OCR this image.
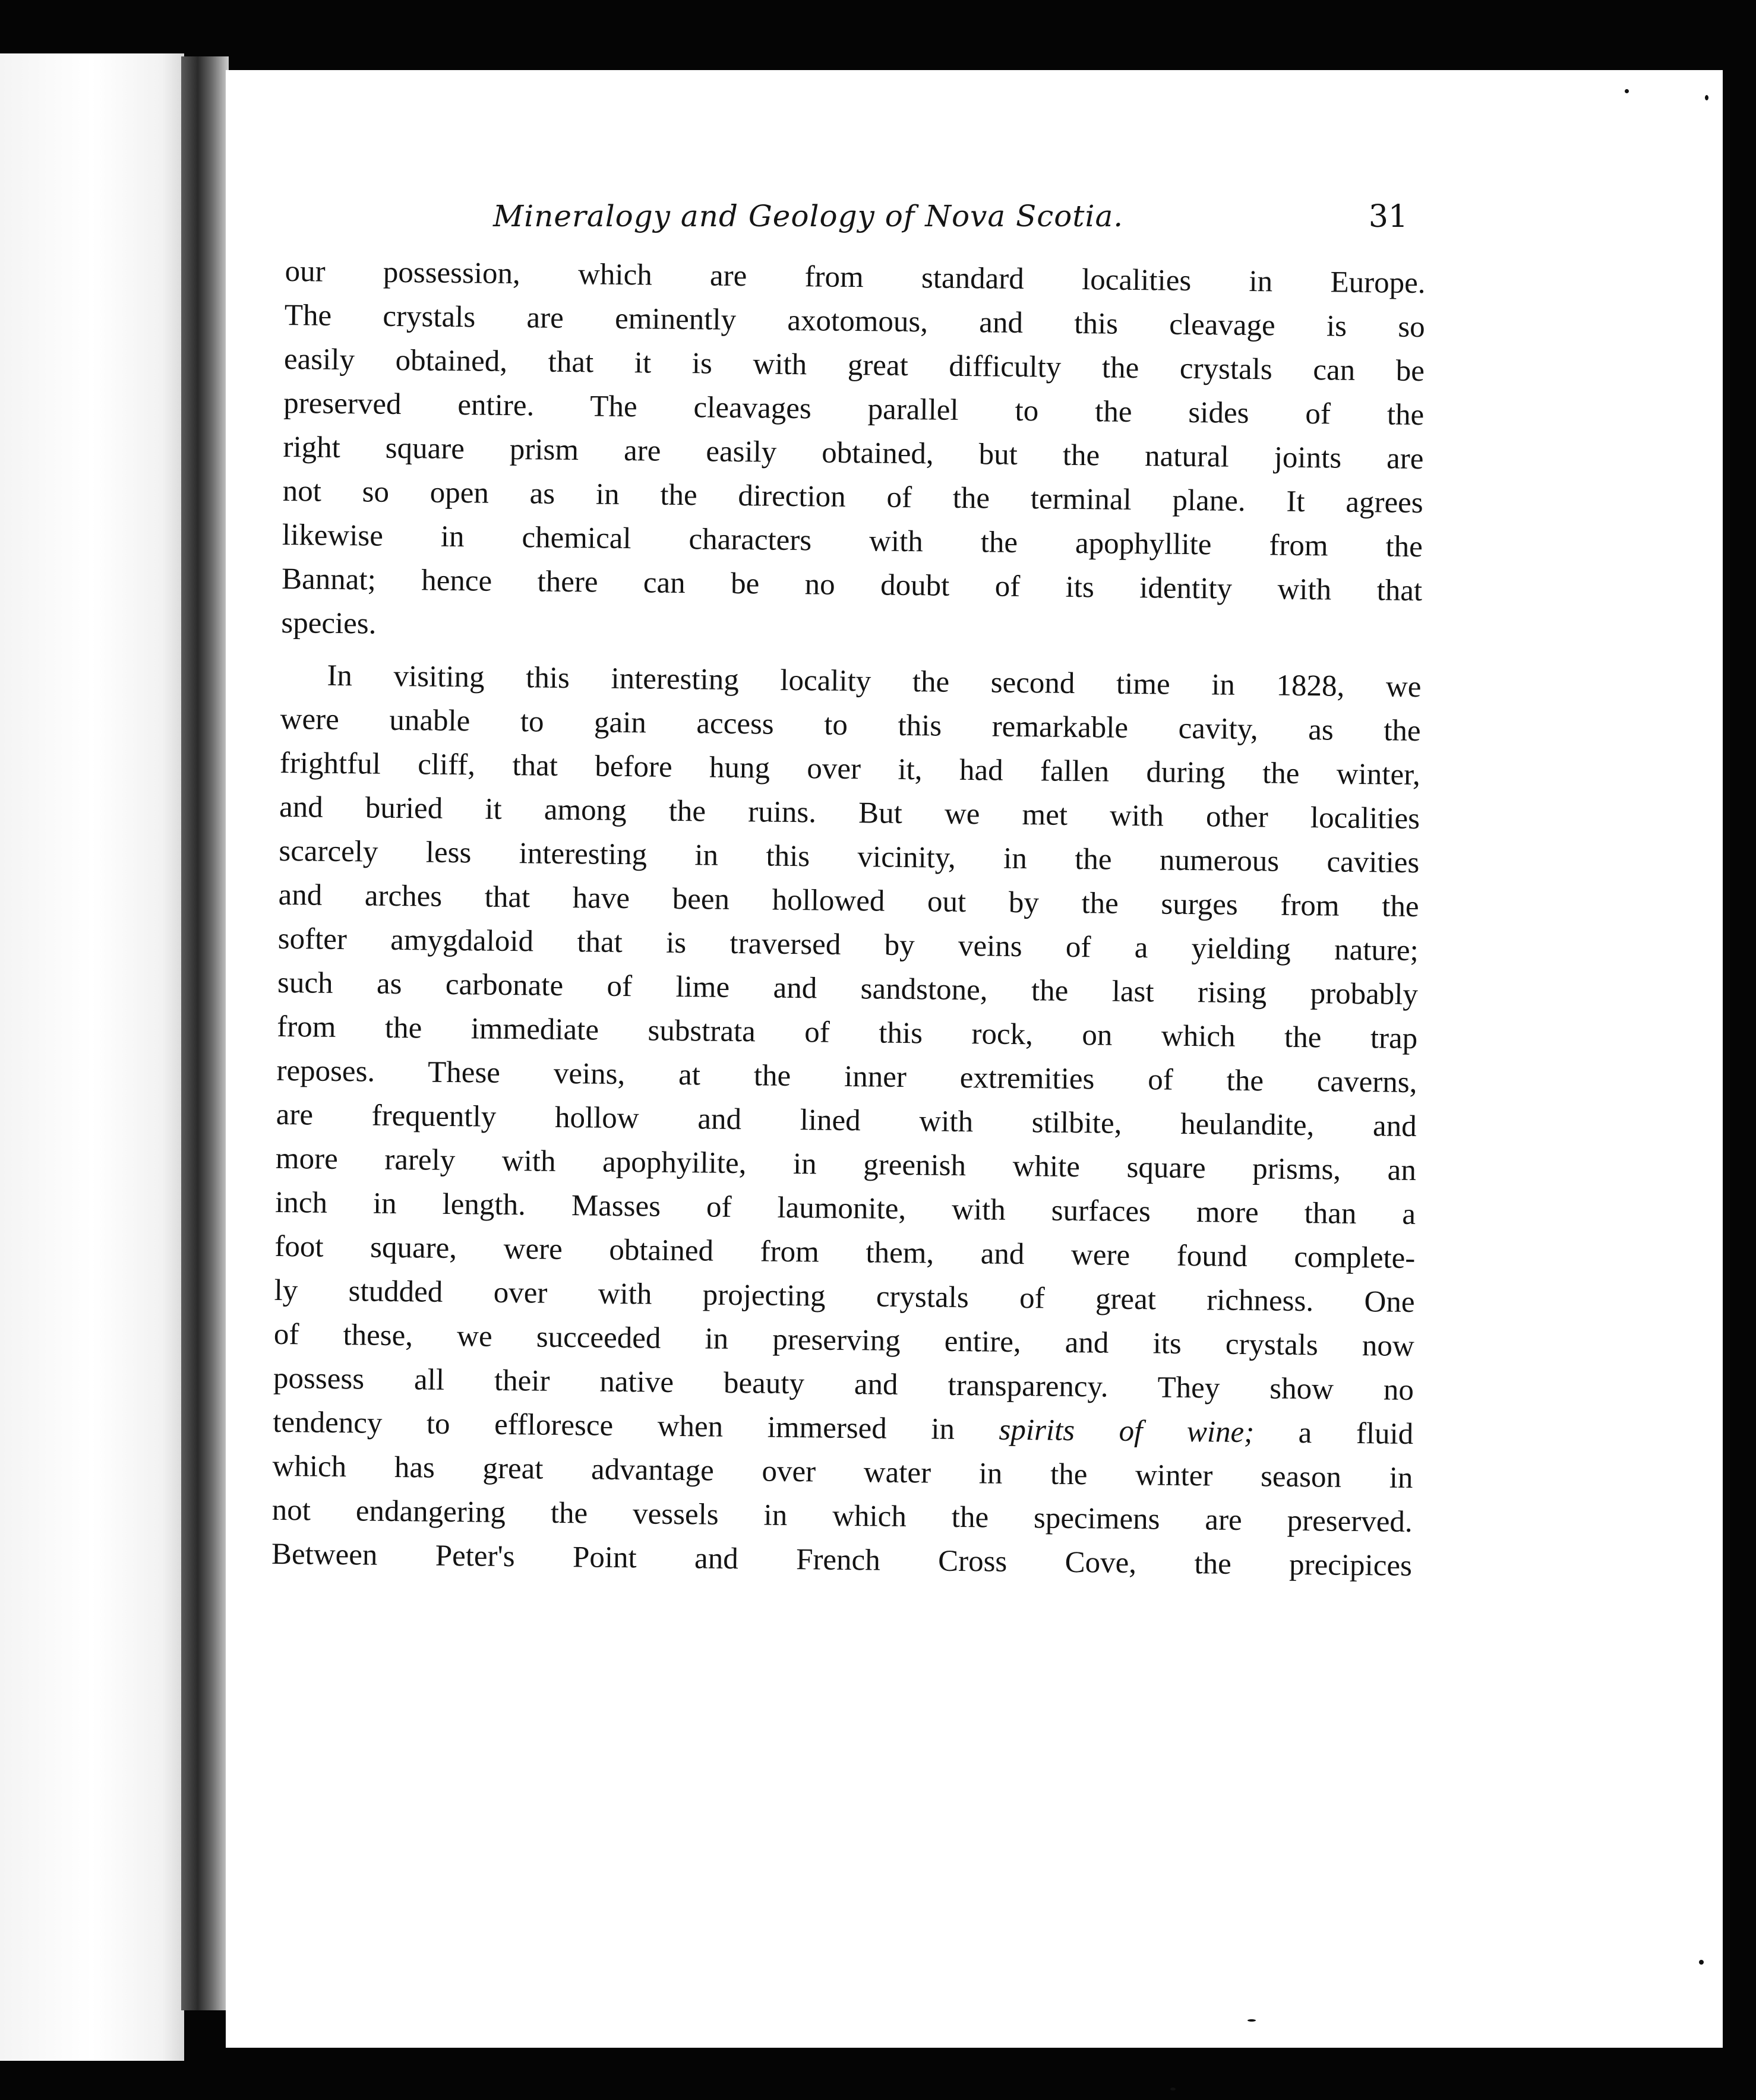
Mineralogy and Geology of Nova Scotia.	31
our possession, which are from standard localities in Europe.
The crystals are eminently axotomous, and this cleavage is so
easily obtained, that it is with great difficulty the crystals can be
preserved entire. The cleavages parallel to the sides of the
right square prism are easily obtained, but the natural joints are
not so open as in the direction of the terminal plane. It agrees
likewise in chemical characters with the apophyllite from the
Bannat; hence there can be no doubt of its identity with that
species.
In visiting this interesting locality the second time in 1828, we
were unable to gain access to this remarkable cavity, as the
frightful cliff, that before hung over it, had fallen during the winter,
and buried it among the ruins. But we met with other localities
scarcely less interesting in this vicinity, in the numerous cavities
and arches that have been hollowed out by the surges from the
softer amygdaloid that is traversed by veins of a yielding nature;
such as carbonate of lime and sandstone, the last rising probably
from the immediate substrata of this rock, on which the trap
reposes. These veins, at the inner extremities of the caverns,
are frequently hollow and lined with stilbite, heulandite, and
more rarely with apophyilite, in greenish white square prisms, an
inch in length. Masses of laumonite, with surfaces more than a
foot square, were obtained from them, and were found complete-
ly studded over with projecting crystals of great richness. One
of these, we succeeded in preserving entire, and its crystals now
possess all their native beauty and transparency. They show no
tendency to effloresce when immersed in spirits of wine; a fluid
which has great advantage over water in the winter season in
not endangering the vessels in which the specimens are preserved.
Between Peter's Point and French Cross Cove, the precipices
